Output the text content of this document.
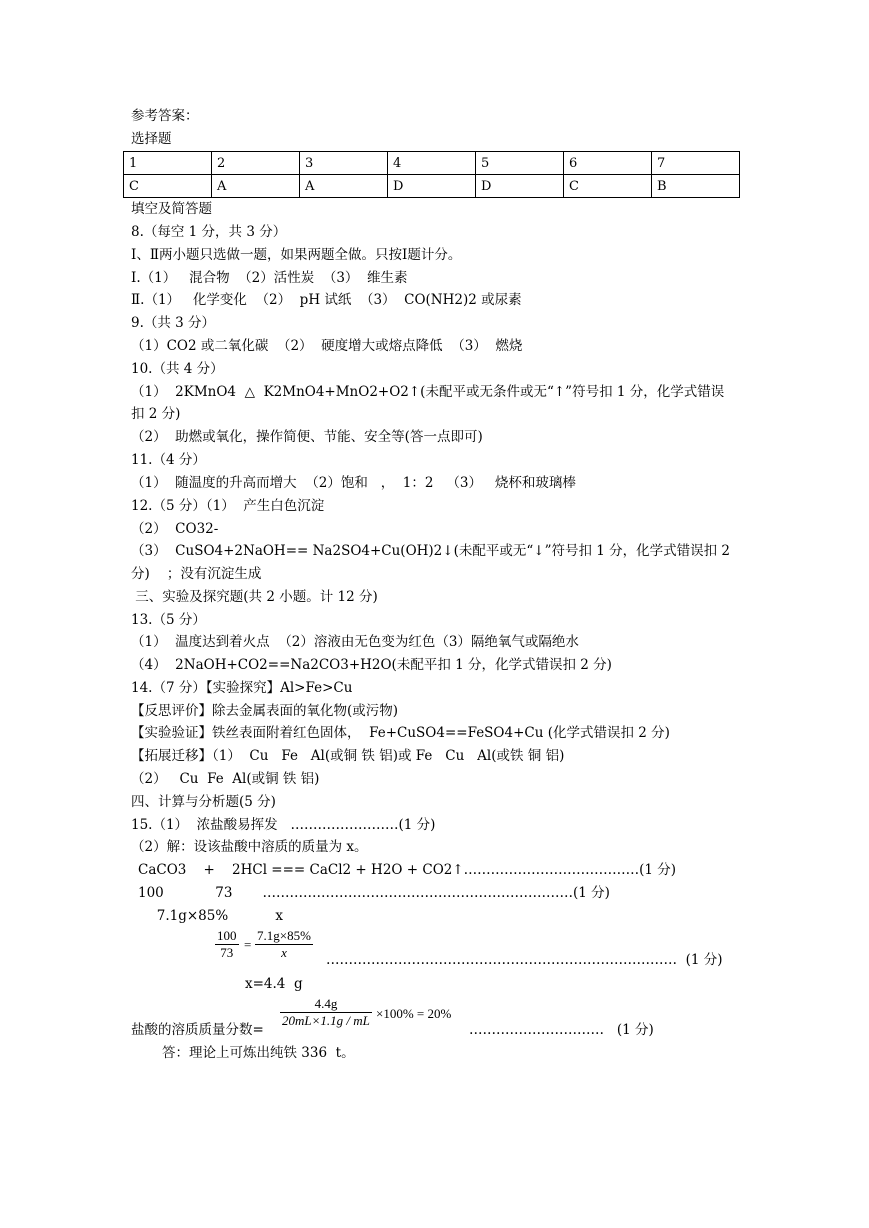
参考答案：
选择题
1	2	3	4	5	6	7
C	A	A	D	D	C	B
填空及简答题
8.（每空 1 分，共 3 分）
Ⅰ、Ⅱ两小题只选做一题，如果两题全做。只按Ⅰ题计分。
Ⅰ.（1）   混合物  （2）活性炭  （3）  维生素
Ⅱ.（1）   化学变化  （2）  pH 试纸  （3）  CO(NH2)2 或尿素
9.（共 3 分）
（1）CO2 或二氧化碳  （2）  硬度增大或熔点降低  （3）  燃烧
10.（共 4 分）
（1）  2KMnO4  △  K2MnO4+MnO2+O2↑(未配平或无条件或无“↑”符号扣 1 分，化学式错误
扣 2 分)
（2）  助燃或氧化，操作简便、节能、安全等(答一点即可)
11.（4 分）
（1）  随温度的升高而增大  （2）饱和   ，  1：2   （3）   烧杯和玻璃棒
12.（5 分）（1）  产生白色沉淀
（2）  CO32-
（3）  CuSO4+2NaOH== Na2SO4+Cu(OH)2↓(未配平或无“↓”符号扣 1 分，化学式错误扣 2
分)    ；没有沉淀生成
三、实验及探究题(共 2 小题。计 12 分)
13.（5 分）
（1）  温度达到着火点  （2）溶液由无色变为红色（3）隔绝氧气或隔绝水
（4）  2NaOH+CO2==Na2CO3+H2O(未配平扣 1 分，化学式错误扣 2 分)
14.（7 分）【实验探究】Al>Fe>Cu
【反思评价】除去金属表面的氧化物(或污物)
【实验验证】铁丝表面附着红色固体，  Fe+CuSO4==FeSO4+Cu (化学式错误扣 2 分)
【拓展迁移】（1）  Cu   Fe   Al(或铜 铁 铝)或 Fe   Cu   Al(或铁 铜 铝)
（2）   Cu  Fe  Al(或铜 铁 铝)
四、计算与分析题(5 分)
15.（1）  浓盐酸易挥发   ……………………(1 分)
（2）解：设该盐酸中溶质的质量为 x。
CaCO3    +    2HCl === CaCl2 + H2O + CO2↑…………………………………(1 分)
100            73       ……………………………………………………………(1 分)
7.1g×85%           x
$\frac{100}{73} = \frac{7.1g\times 85\%}{x}$ ……………………………………………………………………  (1 分)
x=4.4  g
盐酸的溶质质量分数=
$\frac{4.4g}{20mL\times 1.1g / mL} \times 100\% = 20\%$
…………………………   (1 分)
答：理论上可炼出纯铁 336  t。
